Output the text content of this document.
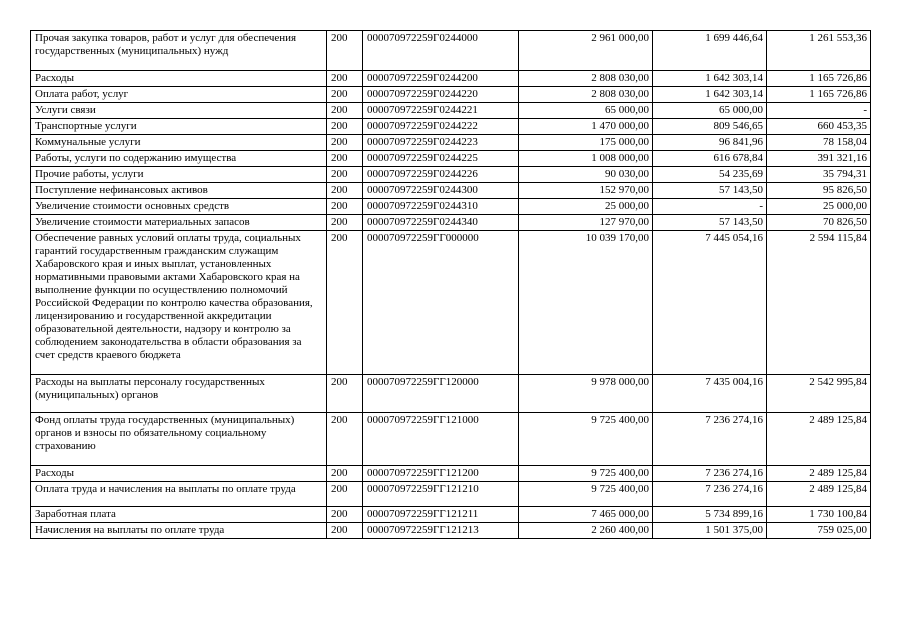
Прочая закупка товаров, работ и услуг для обеспечения государственных (муниципальных) нужд	200	000070972259Г0244000	2 961 000,00	1 699 446,64	1 261 553,36
Расходы	200	000070972259Г0244200	2 808 030,00	1 642 303,14	1 165 726,86
Оплата работ, услуг	200	000070972259Г0244220	2 808 030,00	1 642 303,14	1 165 726,86
Услуги связи	200	000070972259Г0244221	65 000,00	65 000,00	-
Транспортные услуги	200	000070972259Г0244222	1 470 000,00	809 546,65	660 453,35
Коммунальные услуги	200	000070972259Г0244223	175 000,00	96 841,96	78 158,04
Работы, услуги по содержанию имущества	200	000070972259Г0244225	1 008 000,00	616 678,84	391 321,16
Прочие работы, услуги	200	000070972259Г0244226	90 030,00	54 235,69	35 794,31
Поступление нефинансовых активов	200	000070972259Г0244300	152 970,00	57 143,50	95 826,50
Увеличение стоимости основных средств	200	000070972259Г0244310	25 000,00	-	25 000,00
Увеличение стоимости материальных запасов	200	000070972259Г0244340	127 970,00	57 143,50	70 826,50
Обеспечение равных условий оплаты труда, социальных гарантий государственным гражданским служащим Хабаровского края и иных выплат, установленных нормативными правовыми актами Хабаровского края на выполнение функции по осуществлению полномочий Российской Федерации по контролю качества образования, лицензированию и государственной аккредитации образовательной деятельности, надзору и контролю за соблюдением законодательства в области образования за счет средств краевого бюджета	200	000070972259ГГ000000	10 039 170,00	7 445 054,16	2 594 115,84
Расходы на выплаты персоналу государственных (муниципальных) органов	200	000070972259ГГ120000	9 978 000,00	7 435 004,16	2 542 995,84
Фонд оплаты труда государственных (муниципальных) органов и взносы по обязательному социальному страхованию	200	000070972259ГГ121000	9 725 400,00	7 236 274,16	2 489 125,84
Расходы	200	000070972259ГГ121200	9 725 400,00	7 236 274,16	2 489 125,84
Оплата труда и начисления на выплаты по оплате труда	200	000070972259ГГ121210	9 725 400,00	7 236 274,16	2 489 125,84
Заработная плата	200	000070972259ГГ121211	7 465 000,00	5 734 899,16	1 730 100,84
Начисления на выплаты по оплате труда	200	000070972259ГГ121213	2 260 400,00	1 501 375,00	759 025,00
